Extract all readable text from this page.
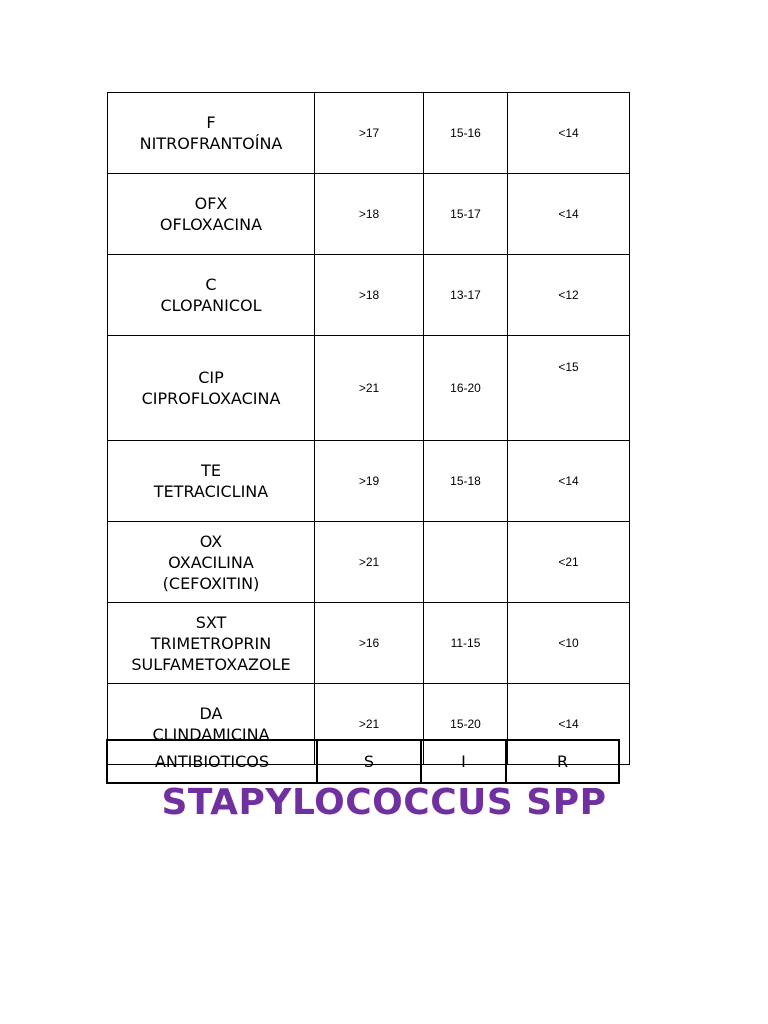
F
NITROFRANTOÍNA	>17	15-16	<14

OFX
OFLOXACINA	>18	15-17	<14

C
CLOPANICOL	>18	13-17	<12

CIP
CIPROFLOXACINA	>21	16-20	<15

TE
TETRACICLINA	>19	15-18	<14

OX
OXACILINA
(CEFOXITIN)	>21		<21

SXT
TRIMETROPRIN
SULFAMETOXAZOLE	>16	11-15	<10

DA
CLINDAMICINA	>21	15-20	<14
ANTIBIOTICOS	S	I	R
STAPYLOCOCCUS SPP
